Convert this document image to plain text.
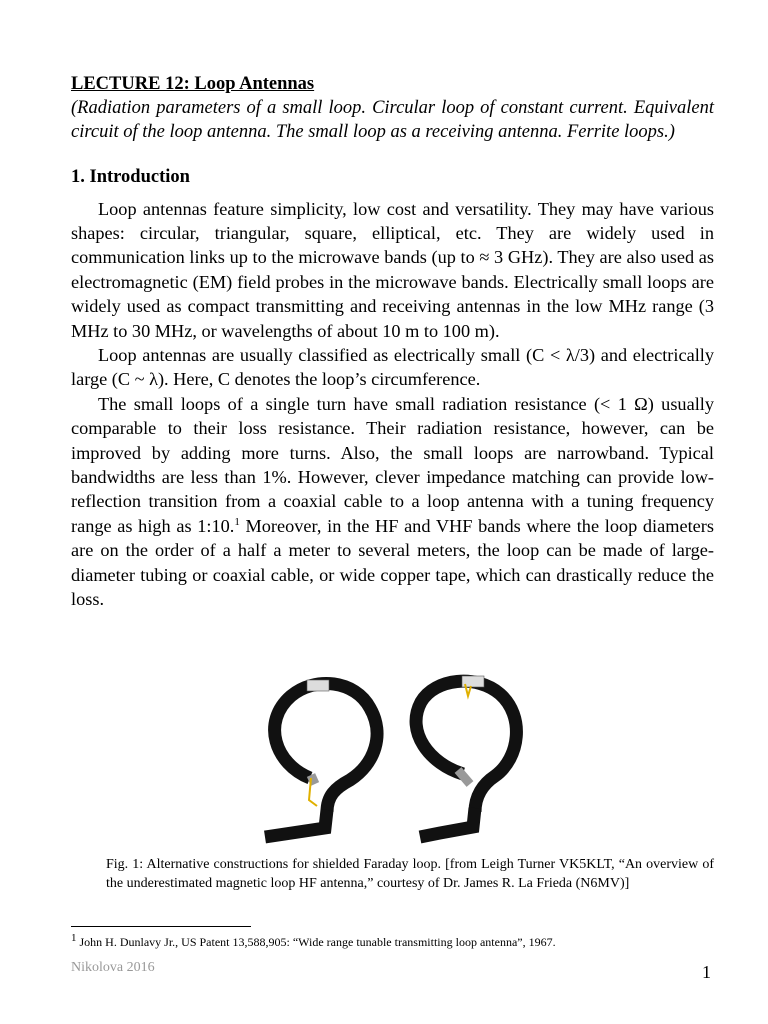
LECTURE 12: Loop Antennas
(Radiation parameters of a small loop. Circular loop of constant current. Equivalent circuit of the loop antenna. The small loop as a receiving antenna. Ferrite loops.)
1. Introduction

Loop antennas feature simplicity, low cost and versatility. They may have various shapes: circular, triangular, square, elliptical, etc. They are widely used in communication links up to the microwave bands (up to ≈ 3 GHz). They are also used as electromagnetic (EM) field probes in the microwave bands. Electrically small loops are widely used as compact transmitting and receiving antennas in the low MHz range (3 MHz to 30 MHz, or wavelengths of about 10 m to 100 m).

Loop antennas are usually classified as electrically small (C < λ/3) and electrically large (C ~ λ). Here, C denotes the loop’s circumference.

The small loops of a single turn have small radiation resistance (< 1 Ω) usually comparable to their loss resistance. Their radiation resistance, however, can be improved by adding more turns. Also, the small loops are narrowband. Typical bandwidths are less than 1%. However, clever impedance matching can provide low-reflection transition from a coaxial cable to a loop antenna with a tuning frequency range as high as 1:10.$^1$ Moreover, in the HF and VHF bands where the loop diameters are on the order of a half a meter to several meters, the loop can be made of large-diameter tubing or coaxial cable, or wide copper tape, which can drastically reduce the loss.

Fig. 1: Alternative constructions for shielded Faraday loop. [from Leigh Turner VK5KLT, “An overview of the underestimated magnetic loop HF antenna,” courtesy of Dr. James R. La Frieda (N6MV)]
$^1$ John H. Dunlavy Jr., US Patent 13,588,905: “Wide range tunable transmitting loop antenna”, 1967.
Nikolova 2016	1
